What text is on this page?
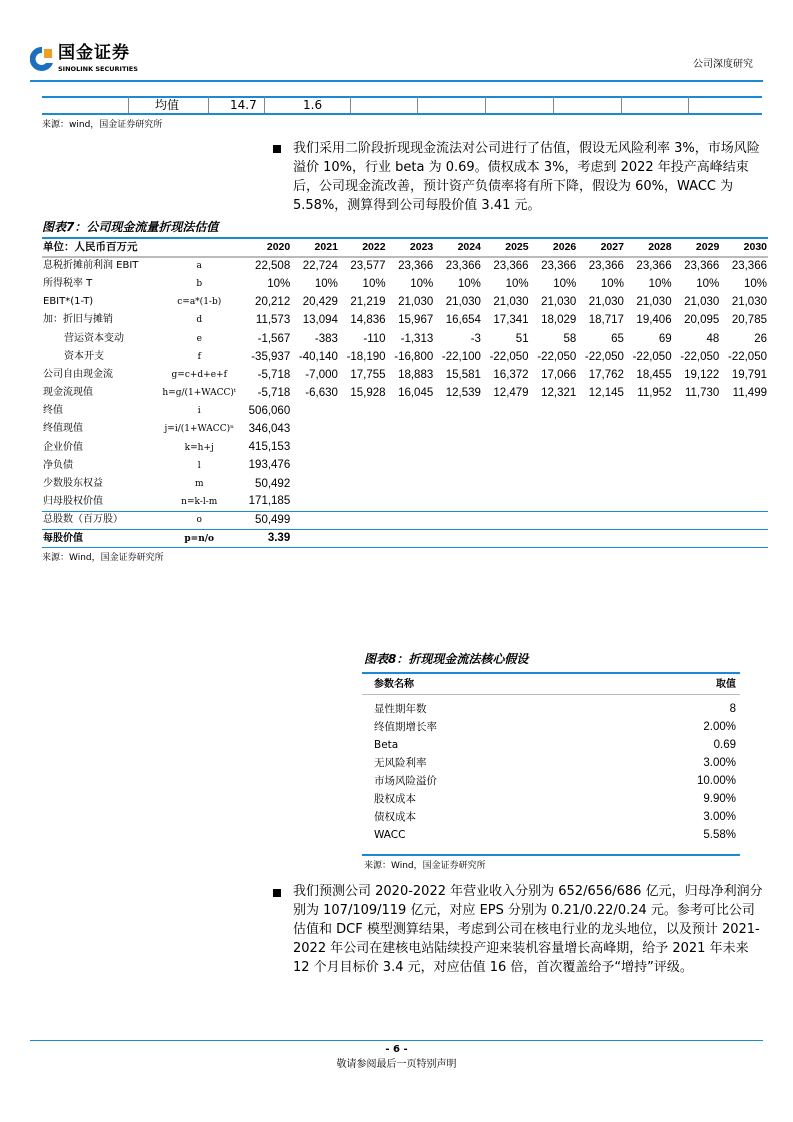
国金证券
SINOLINK SECURITIES	公司深度研究
均值	14.7	1.6
来源：wind，国金证券研究所
我们采用二阶段折现现金流法对公司进行了估值，假设无风险利率 3%，市场风险溢价 10%，行业 beta 为 0.69。债权成本 3%，考虑到 2022 年投产高峰结束后，公司现金流改善，预计资产负债率将有所下降，假设为 60%，WACC 为 5.58%，测算得到公司每股价值 3.41 元。
图表7：公司现金流量折现法估值
单位：人民币百万元		2020	2021	2022	2023	2024	2025	2026	2027	2028	2029	2030
息税折摊前利润 EBIT	a	22,508	22,724	23,577	23,366	23,366	23,366	23,366	23,366	23,366	23,366	23,366
所得税率 T	b	10%	10%	10%	10%	10%	10%	10%	10%	10%	10%	10%
EBIT*(1-T)	c=a*(1-b)	20,212	20,429	21,219	21,030	21,030	21,030	21,030	21,030	21,030	21,030	21,030
加：折旧与摊销	d	11,573	13,094	14,836	15,967	16,654	17,341	18,029	18,717	19,406	20,095	20,785
营运资本变动	e	-1,567	-383	-110	-1,313	-3	51	58	65	69	48	26
资本开支	f	-35,937	-40,140	-18,190	-16,800	-22,100	-22,050	-22,050	-22,050	-22,050	-22,050	-22,050
公司自由现金流	g=c+d+e+f	-5,718	-7,000	17,755	18,883	15,581	16,372	17,066	17,762	18,455	19,122	19,791
现金流现值	h=g/(1+WACC)ᵗ	-5,718	-6,630	15,928	16,045	12,539	12,479	12,321	12,145	11,952	11,730	11,499
终值	i	506,060										
终值现值	j=i/(1+WACC)ⁿ	346,043										
企业价值	k=h+j	415,153										
净负债	l	193,476										
少数股东权益	m	50,492										
归母股权价值	n=k-l-m	171,185										
总股数（百万股）	o	50,499										
每股价值	p=n/o	3.39										
来源：Wind，国金证券研究所
图表8：折现现金流法核心假设
参数名称	取值

显性期年数	8
终值期增长率	2.00%
Beta	0.69
无风险利率	3.00%
市场风险溢价	10.00%
股权成本	9.90%
债权成本	3.00%
WACC	5.58%
来源：Wind，国金证券研究所
我们预测公司 2020-2022 年营业收入分别为 652/656/686 亿元，归母净利润分别为 107/109/119 亿元，对应 EPS 分别为 0.21/0.22/0.24 元。参考可比公司估值和 DCF 模型测算结果，考虑到公司在核电行业的龙头地位，以及预计 2021-2022 年公司在建核电站陆续投产迎来装机容量增长高峰期，给予 2021 年未来 12 个月目标价 3.4 元，对应估值 16 倍，首次覆盖给予“增持”评级。
- 6 -
敬请参阅最后一页特别声明
